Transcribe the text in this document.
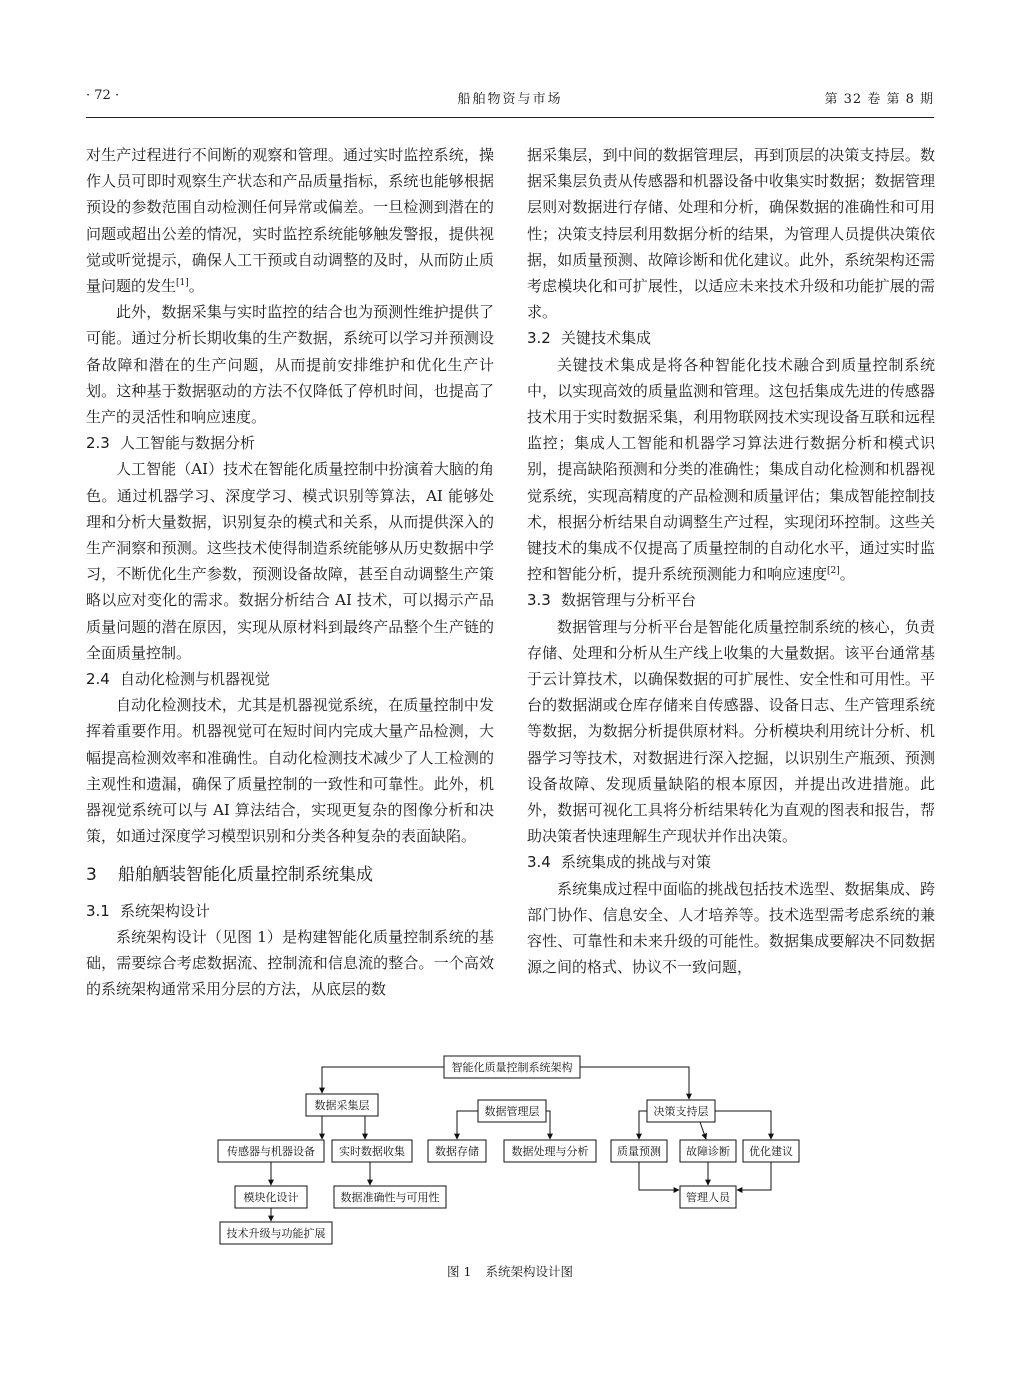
· 72 ·	船舶物资与市场	第 32 卷 第 8 期

对生产过程进行不间断的观察和管理。通过实时监控系统，操作人员可即时观察生产状态和产品质量指标，系统也能够根据预设的参数范围自动检测任何异常或偏差。一旦检测到潜在的问题或超出公差的情况，实时监控系统能够触发警报，提供视觉或听觉提示，确保人工干预或自动调整的及时，从而防止质量问题的发生[1]。

此外，数据采集与实时监控的结合也为预测性维护提供了可能。通过分析长期收集的生产数据，系统可以学习并预测设备故障和潜在的生产问题，从而提前安排维护和优化生产计划。这种基于数据驱动的方法不仅降低了停机时间，也提高了生产的灵活性和响应速度。

2.3 人工智能与数据分析

人工智能（AI）技术在智能化质量控制中扮演着大脑的角色。通过机器学习、深度学习、模式识别等算法，AI 能够处理和分析大量数据，识别复杂的模式和关系，从而提供深入的生产洞察和预测。这些技术使得制造系统能够从历史数据中学习，不断优化生产参数，预测设备故障，甚至自动调整生产策略以应对变化的需求。数据分析结合 AI 技术，可以揭示产品质量问题的潜在原因，实现从原材料到最终产品整个生产链的全面质量控制。

2.4 自动化检测与机器视觉

自动化检测技术，尤其是机器视觉系统，在质量控制中发挥着重要作用。机器视觉可在短时间内完成大量产品检测，大幅提高检测效率和准确性。自动化检测技术减少了人工检测的主观性和遗漏，确保了质量控制的一致性和可靠性。此外，机器视觉系统可以与 AI 算法结合，实现更复杂的图像分析和决策，如通过深度学习模型识别和分类各种复杂的表面缺陷。

3 船舶舾装智能化质量控制系统集成
3.1 系统架构设计

系统架构设计（见图 1）是构建智能化质量控制系统的基础，需要综合考虑数据流、控制流和信息流的整合。一个高效的系统架构通常采用分层的方法，从底层的数

据采集层，到中间的数据管理层，再到顶层的决策支持层。数据采集层负责从传感器和机器设备中收集实时数据；数据管理层则对数据进行存储、处理和分析，确保数据的准确性和可用性；决策支持层利用数据分析的结果，为管理人员提供决策依据，如质量预测、故障诊断和优化建议。此外，系统架构还需考虑模块化和可扩展性，以适应未来技术升级和功能扩展的需求。

3.2 关键技术集成

关键技术集成是将各种智能化技术融合到质量控制系统中，以实现高效的质量监测和管理。这包括集成先进的传感器技术用于实时数据采集，利用物联网技术实现设备互联和远程监控；集成人工智能和机器学习算法进行数据分析和模式识别，提高缺陷预测和分类的准确性；集成自动化检测和机器视觉系统，实现高精度的产品检测和质量评估；集成智能控制技术，根据分析结果自动调整生产过程，实现闭环控制。这些关键技术的集成不仅提高了质量控制的自动化水平，通过实时监控和智能分析，提升系统预测能力和响应速度[2]。

3.3 数据管理与分析平台

数据管理与分析平台是智能化质量控制系统的核心，负责存储、处理和分析从生产线上收集的大量数据。该平台通常基于云计算技术，以确保数据的可扩展性、安全性和可用性。平台的数据湖或仓库存储来自传感器、设备日志、生产管理系统等数据，为数据分析提供原材料。分析模块利用统计分析、机器学习等技术，对数据进行深入挖掘，以识别生产瓶颈、预测设备故障、发现质量缺陷的根本原因，并提出改进措施。此外，数据可视化工具将分析结果转化为直观的图表和报告，帮助决策者快速理解生产现状并作出决策。

3.4 系统集成的挑战与对策

系统集成过程中面临的挑战包括技术选型、数据集成、跨部门协作、信息安全、人才培养等。技术选型需考虑系统的兼容性、可靠性和未来升级的可能性。数据集成要解决不同数据源之间的格式、协议不一致问题，

智能化质量控制系统架构
数据采集层	数据管理层	决策支持层
传感器与机器设备 实时数据收集	数据存储	数据处理与分析	质量预测 故障诊断 优化建议
模块化设计	数据准确性与可用性	管理人员
技术升级与功能扩展
图 1 系统架构设计图
